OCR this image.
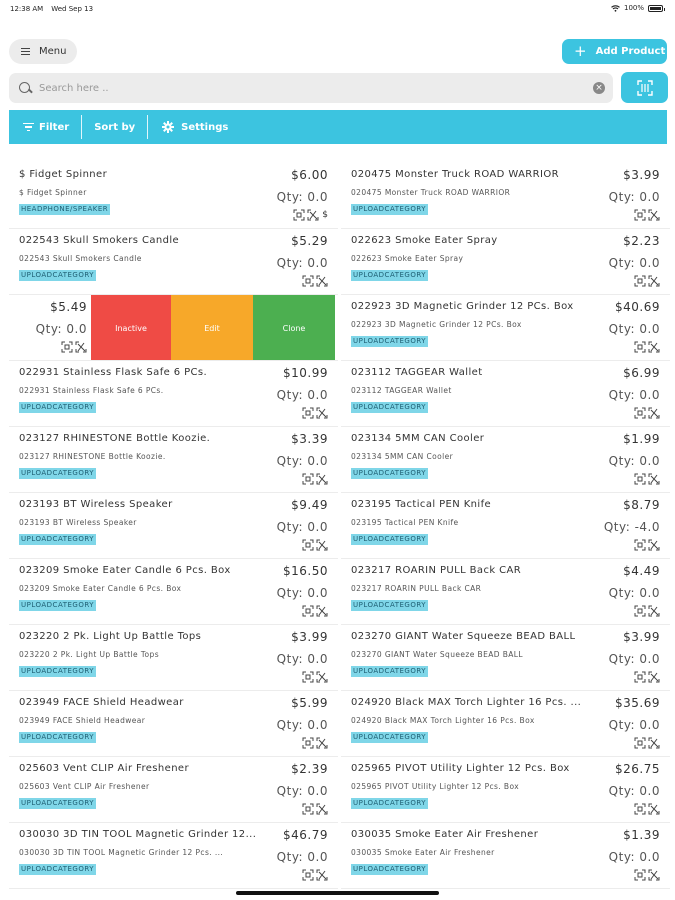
12:38 AM Wed Sep 13	100%
Menu	+ Add Product
Search here ..	×
Filter	Sort by	Settings
$ Fidget Spinner
$ Fidget Spinner
HEADPHONE/SPEAKER
$6.00
Qty: 0.0
$
020475 Monster Truck ROAD WARRIOR
020475 Monster Truck ROAD WARRIOR
UPLOADCATEGORY
$3.99
Qty: 0.0
022543 Skull Smokers Candle
022543 Skull Smokers Candle
UPLOADCATEGORY
$5.29
Qty: 0.0
022623 Smoke Eater Spray
022623 Smoke Eater Spray
UPLOADCATEGORY
$2.23
Qty: 0.0
$5.49
Qty: 0.0	Inactive	Edit	Clone
022923 3D Magnetic Grinder 12 PCs. Box
022923 3D Magnetic Grinder 12 PCs. Box
UPLOADCATEGORY
$40.69
Qty: 0.0
022931 Stainless Flask Safe 6 PCs.
022931 Stainless Flask Safe 6 PCs.
UPLOADCATEGORY
$10.99
Qty: 0.0
023112 TAGGEAR Wallet
023112 TAGGEAR Wallet
UPLOADCATEGORY
$6.99
Qty: 0.0
023127 RHINESTONE Bottle Koozie.
023127 RHINESTONE Bottle Koozie.
UPLOADCATEGORY
$3.39
Qty: 0.0
023134 5MM CAN Cooler
023134 5MM CAN Cooler
UPLOADCATEGORY
$1.99
Qty: 0.0
023193 BT Wireless Speaker
023193 BT Wireless Speaker
UPLOADCATEGORY
$9.49
Qty: 0.0
023195 Tactical PEN Knife
023195 Tactical PEN Knife
UPLOADCATEGORY
$8.79
Qty: -4.0
023209 Smoke Eater Candle 6 Pcs. Box
023209 Smoke Eater Candle 6 Pcs. Box
UPLOADCATEGORY
$16.50
Qty: 0.0
023217 ROARIN PULL Back CAR
023217 ROARIN PULL Back CAR
UPLOADCATEGORY
$4.49
Qty: 0.0
023220 2 Pk. Light Up Battle Tops
023220 2 Pk. Light Up Battle Tops
UPLOADCATEGORY
$3.99
Qty: 0.0
023270 GIANT Water Squeeze BEAD BALL
023270 GIANT Water Squeeze BEAD BALL
UPLOADCATEGORY
$3.99
Qty: 0.0
023949 FACE Shield Headwear
023949 FACE Shield Headwear
UPLOADCATEGORY
$5.99
Qty: 0.0
024920 Black MAX Torch Lighter 16 Pcs. ...
024920 Black MAX Torch Lighter 16 Pcs. Box
UPLOADCATEGORY
$35.69
Qty: 0.0
025603 Vent CLIP Air Freshener
025603 Vent CLIP Air Freshener
UPLOADCATEGORY
$2.39
Qty: 0.0
025965 PIVOT Utility Lighter 12 Pcs. Box
025965 PIVOT Utility Lighter 12 Pcs. Box
UPLOADCATEGORY
$26.75
Qty: 0.0
030030 3D TIN TOOL Magnetic Grinder 12...
030030 3D TIN TOOL Magnetic Grinder 12 Pcs. ...
UPLOADCATEGORY
$46.79
Qty: 0.0
030035 Smoke Eater Air Freshener
030035 Smoke Eater Air Freshener
UPLOADCATEGORY
$1.39
Qty: 0.0
